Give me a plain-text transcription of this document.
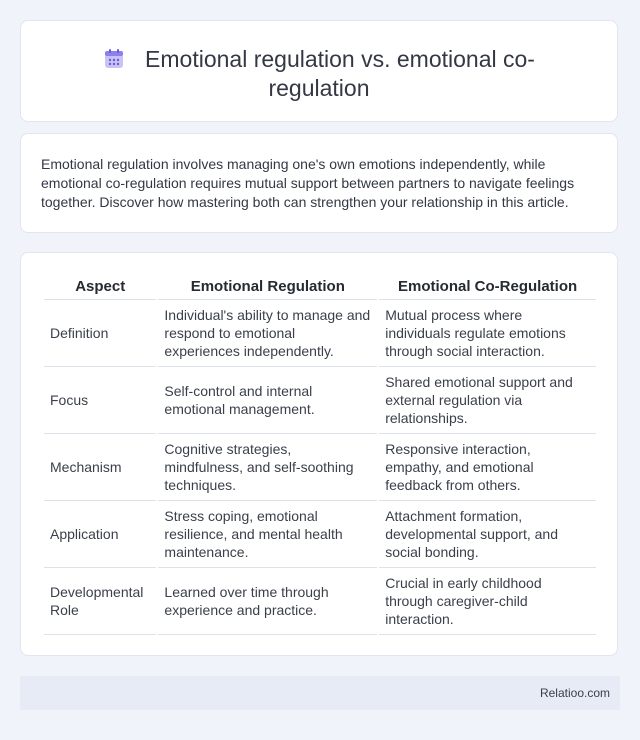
Emotional regulation vs. emotional co-regulation
Emotional regulation involves managing one's own emotions independently, while emotional co-regulation requires mutual support between partners to navigate feelings together. Discover how mastering both can strengthen your relationship in this article.
Aspect	Emotional Regulation	Emotional Co-Regulation
Definition	Individual's ability to manage and respond to emotional experiences independently.	Mutual process where individuals regulate emotions through social interaction.
Focus	Self-control and internal emotional management.	Shared emotional support and external regulation via relationships.
Mechanism	Cognitive strategies, mindfulness, and self-soothing techniques.	Responsive interaction, empathy, and emotional feedback from others.
Application	Stress coping, emotional resilience, and mental health maintenance.	Attachment formation, developmental support, and social bonding.
Developmental Role	Learned over time through experience and practice.	Crucial in early childhood through caregiver-child interaction.
Relatioo.com
